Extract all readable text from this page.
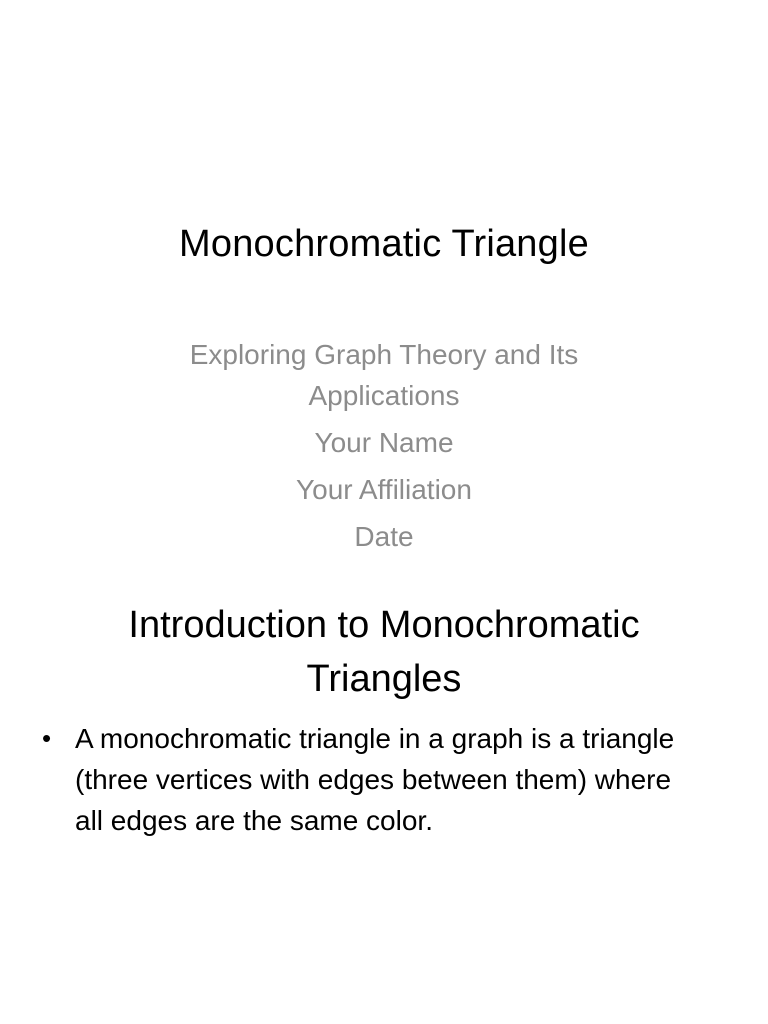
Monochromatic Triangle
Exploring Graph Theory and Its
Applications
Your Name
Your Affiliation
Date
Introduction to Monochromatic
Triangles
• A monochromatic triangle in a graph is a triangle (three vertices with edges between them) where all edges are the same color.
